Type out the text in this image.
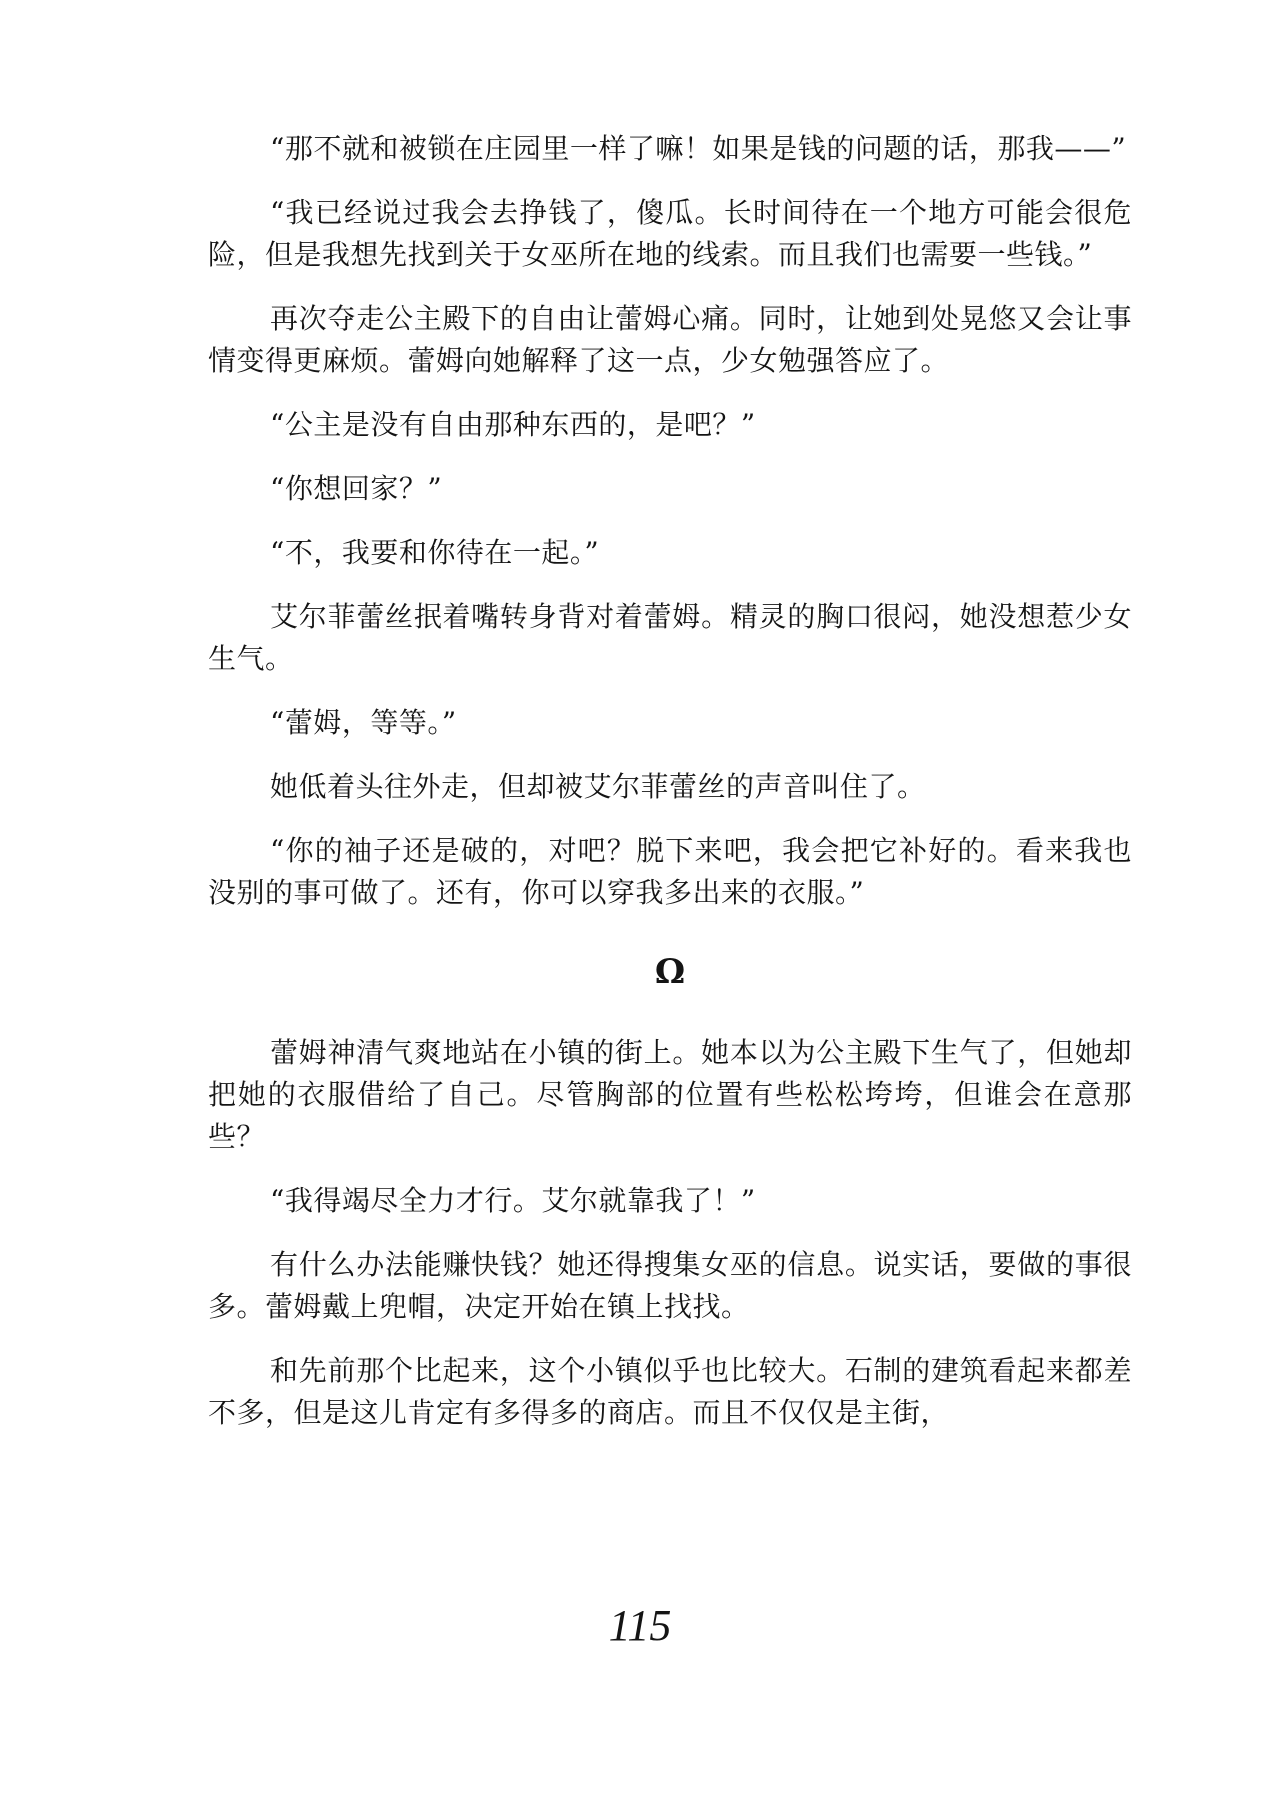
“那不就和被锁在庄园里一样了嘛！如果是钱的问题的话，那我——”

“我已经说过我会去挣钱了，傻瓜。长时间待在一个地方可能会很危险，但是我想先找到关于女巫所在地的线索。而且我们也需要一些钱。”

再次夺走公主殿下的自由让蕾姆心痛。同时，让她到处晃悠又会让事情变得更麻烦。蕾姆向她解释了这一点，少女勉强答应了。

“公主是没有自由那种东西的，是吧？”

“你想回家？”

“不，我要和你待在一起。”

艾尔菲蕾丝抿着嘴转身背对着蕾姆。精灵的胸口很闷，她没想惹少女生气。

“蕾姆，等等。”

她低着头往外走，但却被艾尔菲蕾丝的声音叫住了。

“你的袖子还是破的，对吧？脱下来吧，我会把它补好的。看来我也没别的事可做了。还有，你可以穿我多出来的衣服。”

Ω

蕾姆神清气爽地站在小镇的街上。她本以为公主殿下生气了，但她却把她的衣服借给了自己。尽管胸部的位置有些松松垮垮，但谁会在意那些？

“我得竭尽全力才行。艾尔就靠我了！”

有什么办法能赚快钱？她还得搜集女巫的信息。说实话，要做的事很多。蕾姆戴上兜帽，决定开始在镇上找找。

和先前那个比起来，这个小镇似乎也比较大。石制的建筑看起来都差不多，但是这儿肯定有多得多的商店。而且不仅仅是主街，

115
